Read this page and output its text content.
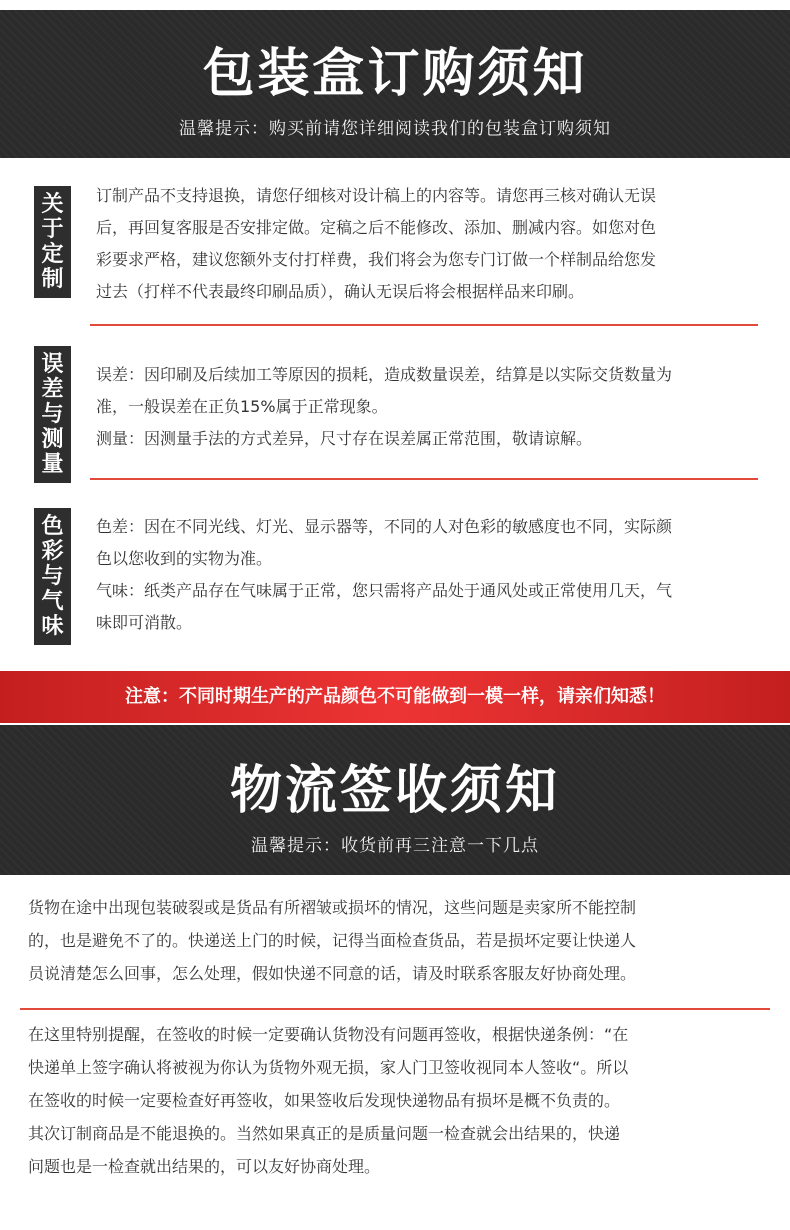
包装盒订购须知
温馨提示：购买前请您详细阅读我们的包装盒订购须知
关
于
定
制
订制产品不支持退换，请您仔细核对设计稿上的内容等。请您再三核对确认无误
后，再回复客服是否安排定做。定稿之后不能修改、添加、删减内容。如您对色
彩要求严格，建议您额外支付打样费，我们将会为您专门订做一个样制品给您发
过去（打样不代表最终印刷品质），确认无误后将会根据样品来印刷。
误
差
与
测
量
误差：因印刷及后续加工等原因的损耗，造成数量误差，结算是以实际交货数量为
准，一般误差在正负15%属于正常现象。
测量：因测量手法的方式差异，尺寸存在误差属正常范围，敬请谅解。
色
彩
与
气
味
色差：因在不同光线、灯光、显示器等，不同的人对色彩的敏感度也不同，实际颜
色以您收到的实物为准。
气味：纸类产品存在气味属于正常，您只需将产品处于通风处或正常使用几天，气
味即可消散。
注意：不同时期生产的产品颜色不可能做到一模一样，请亲们知悉！
物流签收须知
温馨提示：收货前再三注意一下几点
货物在途中出现包装破裂或是货品有所褶皱或损坏的情况，这些问题是卖家所不能控制
的，也是避免不了的。快递送上门的时候，记得当面检查货品，若是损坏定要让快递人
员说清楚怎么回事，怎么处理，假如快递不同意的话，请及时联系客服友好协商处理。
在这里特别提醒，在签收的时候一定要确认货物没有问题再签收，根据快递条例：“在
快递单上签字确认将被视为你认为货物外观无损，家人门卫签收视同本人签收“。所以
在签收的时候一定要检查好再签收，如果签收后发现快递物品有损坏是概不负责的。
其次订制商品是不能退换的。当然如果真正的是质量问题一检查就会出结果的，快递
问题也是一检查就出结果的，可以友好协商处理。
